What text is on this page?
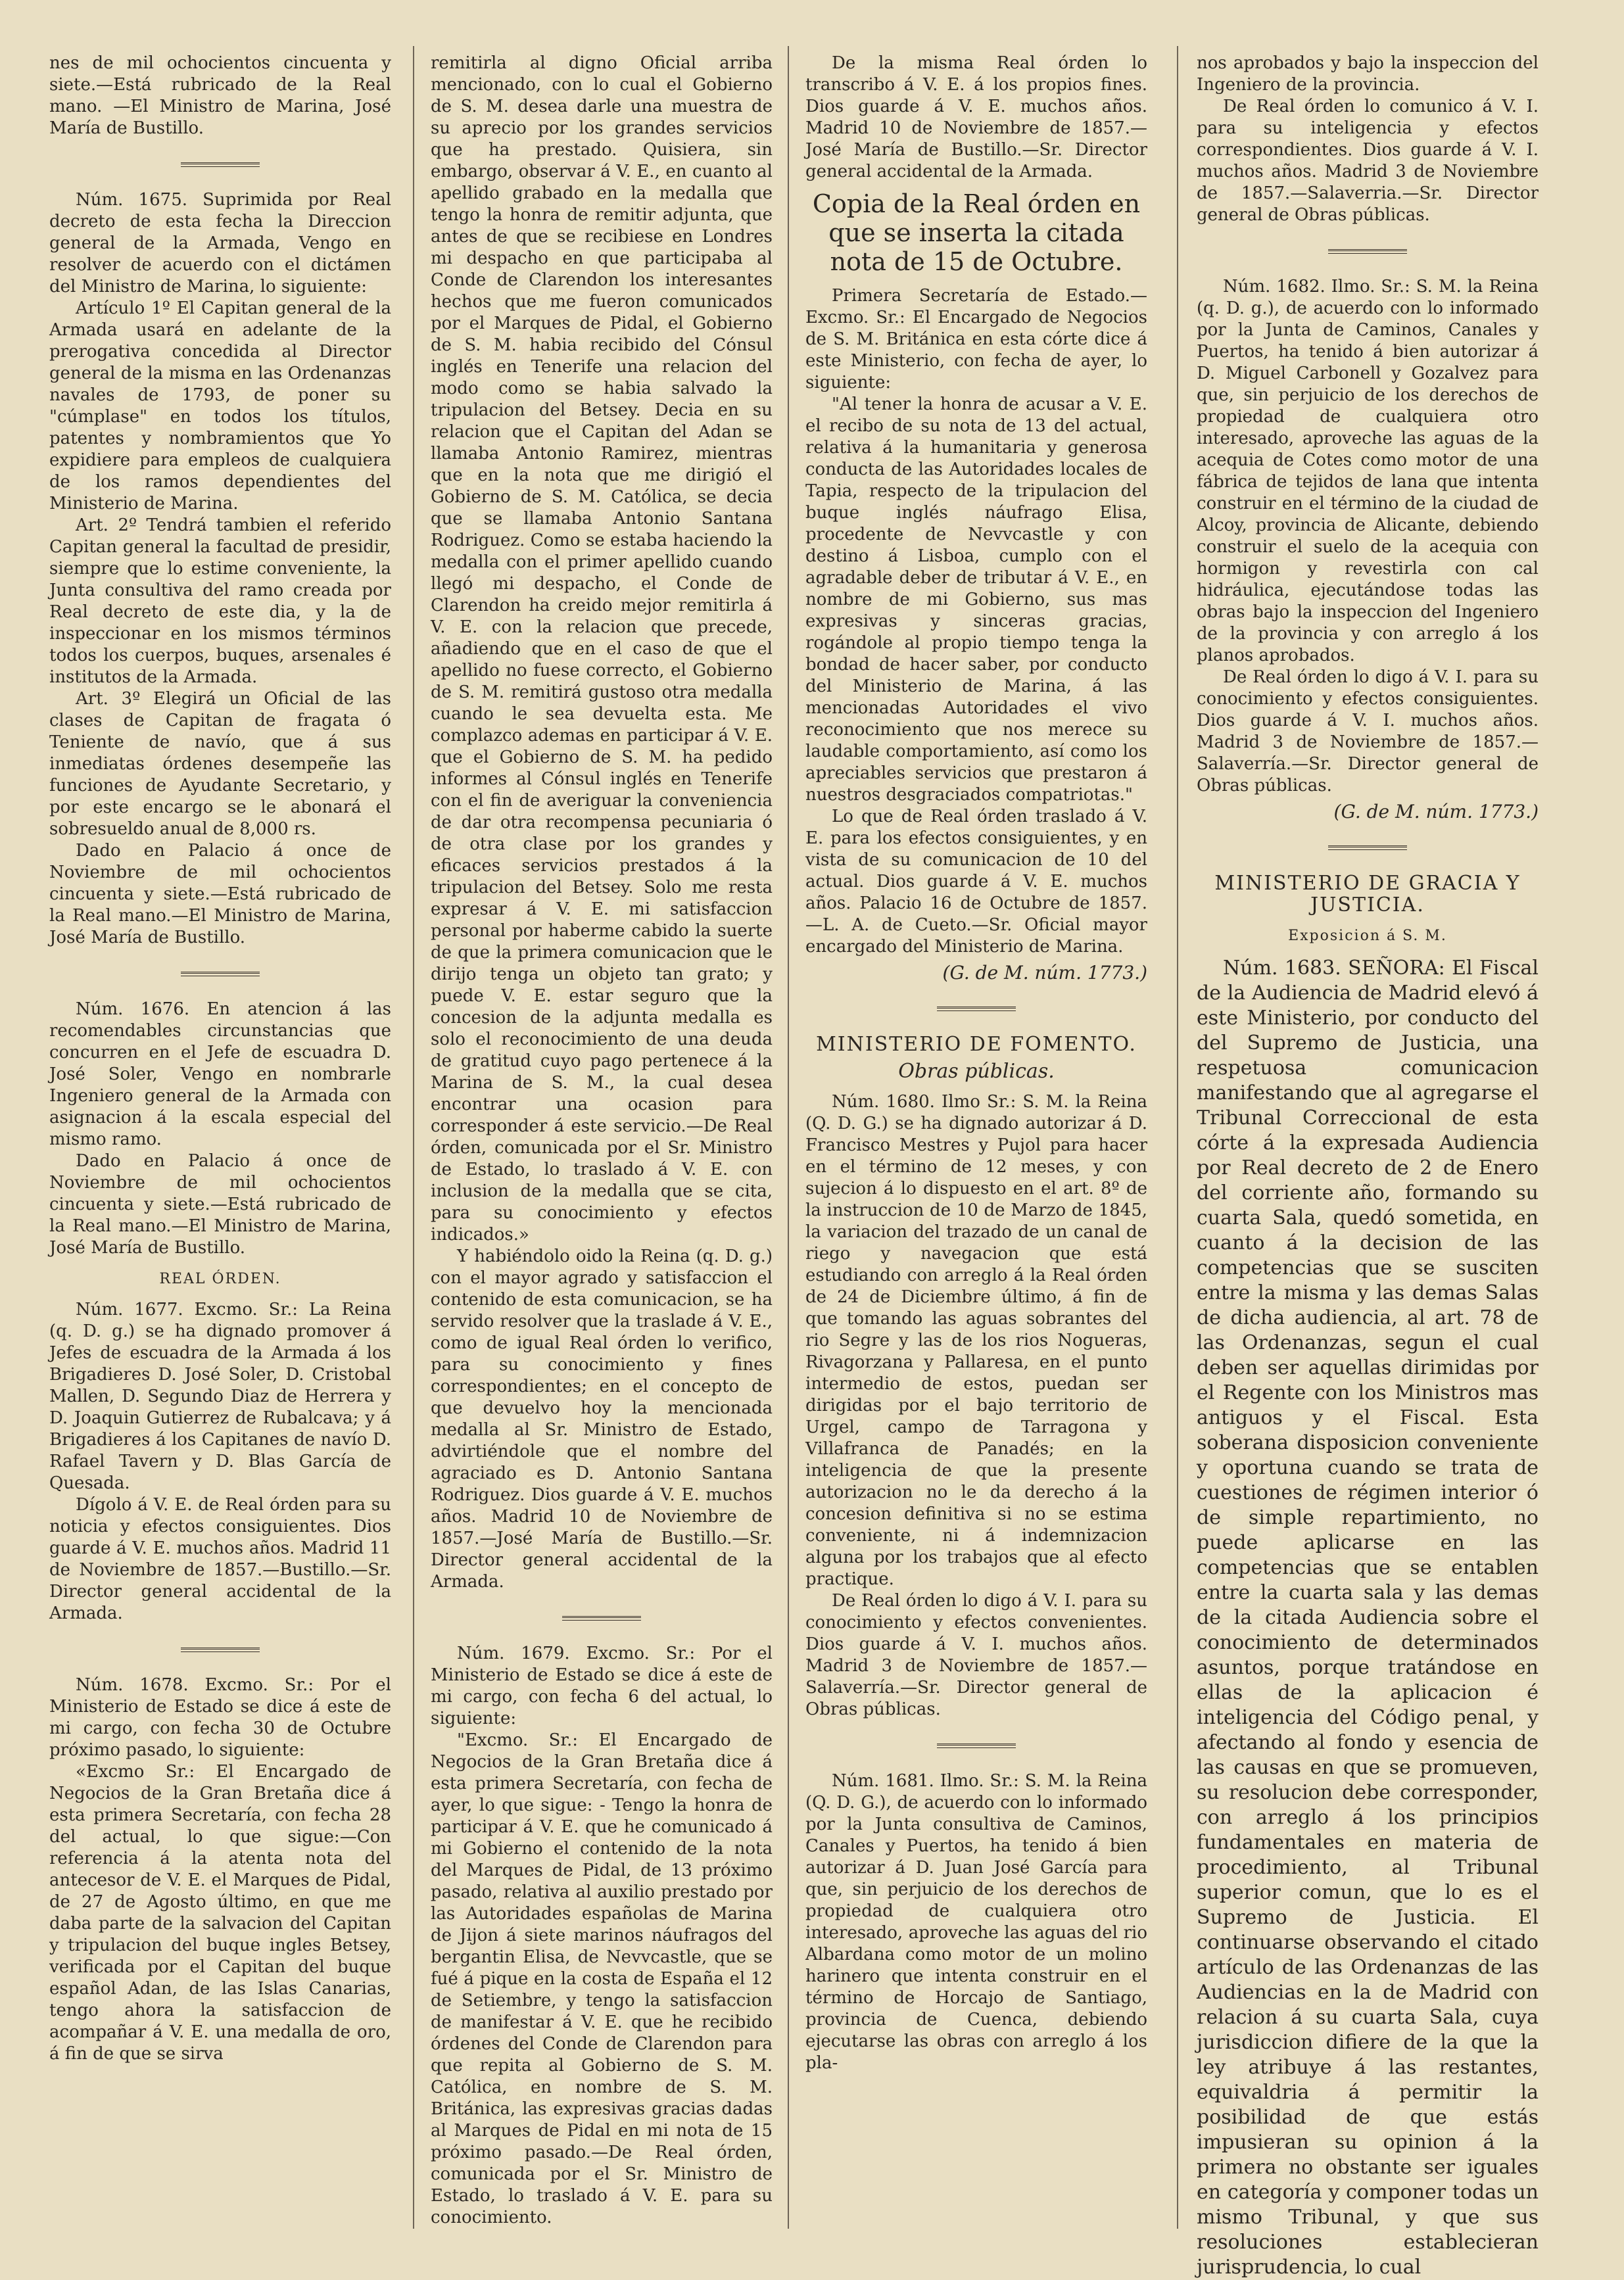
nes de mil ochocientos cincuenta y siete.—Está rubricado de la Real mano. —El Ministro de Marina, José María de Bustillo.

Núm. 1675. Suprimida por Real decreto de esta fecha la Direccion general de la Armada, Vengo en resolver de acuerdo con el dictámen del Ministro de Marina, lo siguiente:

Artículo 1º El Capitan general de la Armada usará en adelante de la prerogativa concedida al Director general de la misma en las Ordenanzas navales de 1793, de poner su "cúmplase" en todos los títulos, patentes y nombramientos que Yo expidiere para empleos de cualquiera de los ramos dependientes del Ministerio de Marina.

Art. 2º Tendrá tambien el referido Capitan general la facultad de presidir, siempre que lo estime conveniente, la Junta consultiva del ramo creada por Real decreto de este dia, y la de inspeccionar en los mismos términos todos los cuerpos, buques, arsenales é institutos de la Armada.

Art. 3º Elegirá un Oficial de las clases de Capitan de fragata ó Teniente de navío, que á sus inmediatas órdenes desempeñe las funciones de Ayudante Secretario, y por este encargo se le abonará el sobresueldo anual de 8,000 rs.

Dado en Palacio á once de Noviembre de mil ochocientos cincuenta y siete.—Está rubricado de la Real mano.—El Ministro de Marina, José María de Bustillo.

Núm. 1676. En atencion á las recomendables circunstancias que concurren en el Jefe de escuadra D. José Soler, Vengo en nombrarle Ingeniero general de la Armada con asignacion á la escala especial del mismo ramo.

Dado en Palacio á once de Noviembre de mil ochocientos cincuenta y siete.—Está rubricado de la Real mano.—El Ministro de Marina, José María de Bustillo.

REAL ÓRDEN.

Núm. 1677. Excmo. Sr.: La Reina (q. D. g.) se ha dignado promover á Jefes de escuadra de la Armada á los Brigadieres D. José Soler, D. Cristobal Mallen, D. Segundo Diaz de Herrera y D. Joaquin Gutierrez de Rubalcava; y á Brigadieres á los Capitanes de navío D. Rafael Tavern y D. Blas García de Quesada.

Dígolo á V. E. de Real órden para su noticia y efectos consiguientes. Dios guarde á V. E. muchos años. Madrid 11 de Noviembre de 1857.—Bustillo.—Sr. Director general accidental de la Armada.

Núm. 1678. Excmo. Sr.: Por el Ministerio de Estado se dice á este de mi cargo, con fecha 30 de Octubre próximo pasado, lo siguiente:

«Excmo Sr.: El Encargado de Negocios de la Gran Bretaña dice á esta primera Secretaría, con fecha 28 del actual, lo que sigue:—Con referencia á la atenta nota del antecesor de V. E. el Marques de Pidal, de 27 de Agosto último, en que me daba parte de la salvacion del Capitan y tripulacion del buque ingles Betsey, verificada por el Capitan del buque español Adan, de las Islas Canarias, tengo ahora la satisfaccion de acompañar á V. E. una medalla de oro, á fin de que se sirva

remitirla al digno Oficial arriba mencionado, con lo cual el Gobierno de S. M. desea darle una muestra de su aprecio por los grandes servicios que ha prestado. Quisiera, sin embargo, observar á V. E., en cuanto al apellido grabado en la medalla que tengo la honra de remitir adjunta, que antes de que se recibiese en Londres mi despacho en que participaba al Conde de Clarendon los interesantes hechos que me fueron comunicados por el Marques de Pidal, el Gobierno de S. M. habia recibido del Cónsul inglés en Tenerife una relacion del modo como se habia salvado la tripulacion del Betsey. Decia en su relacion que el Capitan del Adan se llamaba Antonio Ramirez, mientras que en la nota que me dirigió el Gobierno de S. M. Católica, se decia que se llamaba Antonio Santana Rodriguez. Como se estaba haciendo la medalla con el primer apellido cuando llegó mi despacho, el Conde de Clarendon ha creido mejor remitirla á V. E. con la relacion que precede, añadiendo que en el caso de que el apellido no fuese correcto, el Gobierno de S. M. remitirá gustoso otra medalla cuando le sea devuelta esta. Me complazco ademas en participar á V. E. que el Gobierno de S. M. ha pedido informes al Cónsul inglés en Tenerife con el fin de averiguar la conveniencia de dar otra recompensa pecuniaria ó de otra clase por los grandes y eficaces servicios prestados á la tripulacion del Betsey. Solo me resta expresar á V. E. mi satisfaccion personal por haberme cabido la suerte de que la primera comunicacion que le dirijo tenga un objeto tan grato; y puede V. E. estar seguro que la concesion de la adjunta medalla es solo el reconocimiento de una deuda de gratitud cuyo pago pertenece á la Marina de S. M., la cual desea encontrar una ocasion para corresponder á este servicio.—De Real órden, comunicada por el Sr. Ministro de Estado, lo traslado á V. E. con inclusion de la medalla que se cita, para su conocimiento y efectos indicados.»

Y habiéndolo oido la Reina (q. D. g.) con el mayor agrado y satisfaccion el contenido de esta comunicacion, se ha servido resolver que la traslade á V. E., como de igual Real órden lo verifico, para su conocimiento y fines correspondientes; en el concepto de que devuelvo hoy la mencionada medalla al Sr. Ministro de Estado, advirtiéndole que el nombre del agraciado es D. Antonio Santana Rodriguez. Dios guarde á V. E. muchos años. Madrid 10 de Noviembre de 1857.—José María de Bustillo.—Sr. Director general accidental de la Armada.

Núm. 1679. Excmo. Sr.: Por el Ministerio de Estado se dice á este de mi cargo, con fecha 6 del actual, lo siguiente:

"Excmo. Sr.: El Encargado de Negocios de la Gran Bretaña dice á esta primera Secretaría, con fecha de ayer, lo que sigue: - Tengo la honra de participar á V. E. que he comunicado á mi Gobierno el contenido de la nota del Marques de Pidal, de 13 próximo pasado, relativa al auxilio prestado por las Autoridades españolas de Marina de Jijon á siete marinos náufragos del bergantin Elisa, de Nevvcastle, que se fué á pique en la costa de España el 12 de Setiembre, y tengo la satisfaccion de manifestar á V. E. que he recibido órdenes del Conde de Clarendon para que repita al Gobierno de S. M. Católica, en nombre de S. M. Británica, las expresivas gracias dadas al Marques de Pidal en mi nota de 15 próximo pasado.—De Real órden, comunicada por el Sr. Ministro de Estado, lo traslado á V. E. para su conocimiento.

De la misma Real órden lo transcribo á V. E. á los propios fines. Dios guarde á V. E. muchos años. Madrid 10 de Noviembre de 1857.—José María de Bustillo.—Sr. Director general accidental de la Armada.

Copia de la Real órden en que se inserta la citada nota de 15 de Octubre.

Primera Secretaría de Estado.—Excmo. Sr.: El Encargado de Negocios de S. M. Británica en esta córte dice á este Ministerio, con fecha de ayer, lo siguiente:

"Al tener la honra de acusar a V. E. el recibo de su nota de 13 del actual, relativa á la humanitaria y generosa conducta de las Autoridades locales de Tapia, respecto de la tripulacion del buque inglés náufrago Elisa, procedente de Nevvcastle y con destino á Lisboa, cumplo con el agradable deber de tributar á V. E., en nombre de mi Gobierno, sus mas expresivas y sinceras gracias, rogándole al propio tiempo tenga la bondad de hacer saber, por conducto del Ministerio de Marina, á las mencionadas Autoridades el vivo reconocimiento que nos merece su laudable comportamiento, así como los apreciables servicios que prestaron á nuestros desgraciados compatriotas."

Lo que de Real órden traslado á V. E. para los efectos consiguientes, y en vista de su comunicacion de 10 del actual. Dios guarde á V. E. muchos años. Palacio 16 de Octubre de 1857. —L. A. de Cueto.—Sr. Oficial mayor encargado del Ministerio de Marina.

(G. de M. núm. 1773.)
MINISTERIO DE FOMENTO.
Obras públicas.

Núm. 1680. Ilmo Sr.: S. M. la Reina (Q. D. G.) se ha dignado autorizar á D. Francisco Mestres y Pujol para hacer en el término de 12 meses, y con sujecion á lo dispuesto en el art. 8º de la instruccion de 10 de Marzo de 1845, la variacion del trazado de un canal de riego y navegacion que está estudiando con arreglo á la Real órden de 24 de Diciembre último, á fin de que tomando las aguas sobrantes del rio Segre y las de los rios Nogueras, Rivagorzana y Pallaresa, en el punto intermedio de estos, puedan ser dirigidas por el bajo territorio de Urgel, campo de Tarragona y Villafranca de Panadés; en la inteligencia de que la presente autorizacion no le da derecho á la concesion definitiva si no se estima conveniente, ni á indemnizacion alguna por los trabajos que al efecto practique.

De Real órden lo digo á V. I. para su conocimiento y efectos convenientes. Dios guarde á V. I. muchos años. Madrid 3 de Noviembre de 1857.—Salaverría.—Sr. Director general de Obras públicas.

Núm. 1681. Ilmo. Sr.: S. M. la Reina (Q. D. G.), de acuerdo con lo informado por la Junta consultiva de Caminos, Canales y Puertos, ha tenido á bien autorizar á D. Juan José García para que, sin perjuicio de los derechos de propiedad de cualquiera otro interesado, aproveche las aguas del rio Albardana como motor de un molino harinero que intenta construir en el término de Horcajo de Santiago, provincia de Cuenca, debiendo ejecutarse las obras con arreglo á los pla-

nos aprobados y bajo la inspeccion del Ingeniero de la provincia.

De Real órden lo comunico á V. I. para su inteligencia y efectos correspondientes. Dios guarde á V. I. muchos años. Madrid 3 de Noviembre de 1857.—Salaverria.—Sr. Director general de Obras públicas.

Núm. 1682. Ilmo. Sr.: S. M. la Reina (q. D. g.), de acuerdo con lo informado por la Junta de Caminos, Canales y Puertos, ha tenido á bien autorizar á D. Miguel Carbonell y Gozalvez para que, sin perjuicio de los derechos de propiedad de cualquiera otro interesado, aproveche las aguas de la acequia de Cotes como motor de una fábrica de tejidos de lana que intenta construir en el término de la ciudad de Alcoy, provincia de Alicante, debiendo construir el suelo de la acequia con hormigon y revestirla con cal hidráulica, ejecutándose todas las obras bajo la inspeccion del Ingeniero de la provincia y con arreglo á los planos aprobados.

De Real órden lo digo á V. I. para su conocimiento y efectos consiguientes. Dios guarde á V. I. muchos años. Madrid 3 de Noviembre de 1857.—Salaverría.—Sr. Director general de Obras públicas.

(G. de M. núm. 1773.)
MINISTERIO DE GRACIA Y JUSTICIA.
Exposicion á S. M.

Núm. 1683. SEÑORA: El Fiscal de la Audiencia de Madrid elevó á este Ministerio, por conducto del del Supremo de Justicia, una respetuosa comunicacion manifestando que al agregarse el Tribunal Correccional de esta córte á la expresada Audiencia por Real decreto de 2 de Enero del corriente año, formando su cuarta Sala, quedó sometida, en cuanto á la decision de las competencias que se susciten entre la misma y las demas Salas de dicha audiencia, al art. 78 de las Ordenanzas, segun el cual deben ser aquellas dirimidas por el Regente con los Ministros mas antiguos y el Fiscal. Esta soberana disposicion conveniente y oportuna cuando se trata de cuestiones de régimen interior ó de simple repartimiento, no puede aplicarse en las competencias que se entablen entre la cuarta sala y las demas de la citada Audiencia sobre el conocimiento de determinados asuntos, porque tratándose en ellas de la aplicacion é inteligencia del Código penal, y afectando al fondo y esencia de las causas en que se promueven, su resolucion debe corresponder, con arreglo á los principios fundamentales en materia de procedimiento, al Tribunal superior comun, que lo es el Supremo de Justicia. El continuarse observando el citado artículo de las Ordenanzas de las Audiencias en la de Madrid con relacion á su cuarta Sala, cuya jurisdiccion difiere de la que la ley atribuye á las restantes, equivaldria á permitir la posibilidad de que estás impusieran su opinion á la primera no obstante ser iguales en categoría y componer todas un mismo Tribunal, y que sus resoluciones establecieran jurisprudencia, lo cual
